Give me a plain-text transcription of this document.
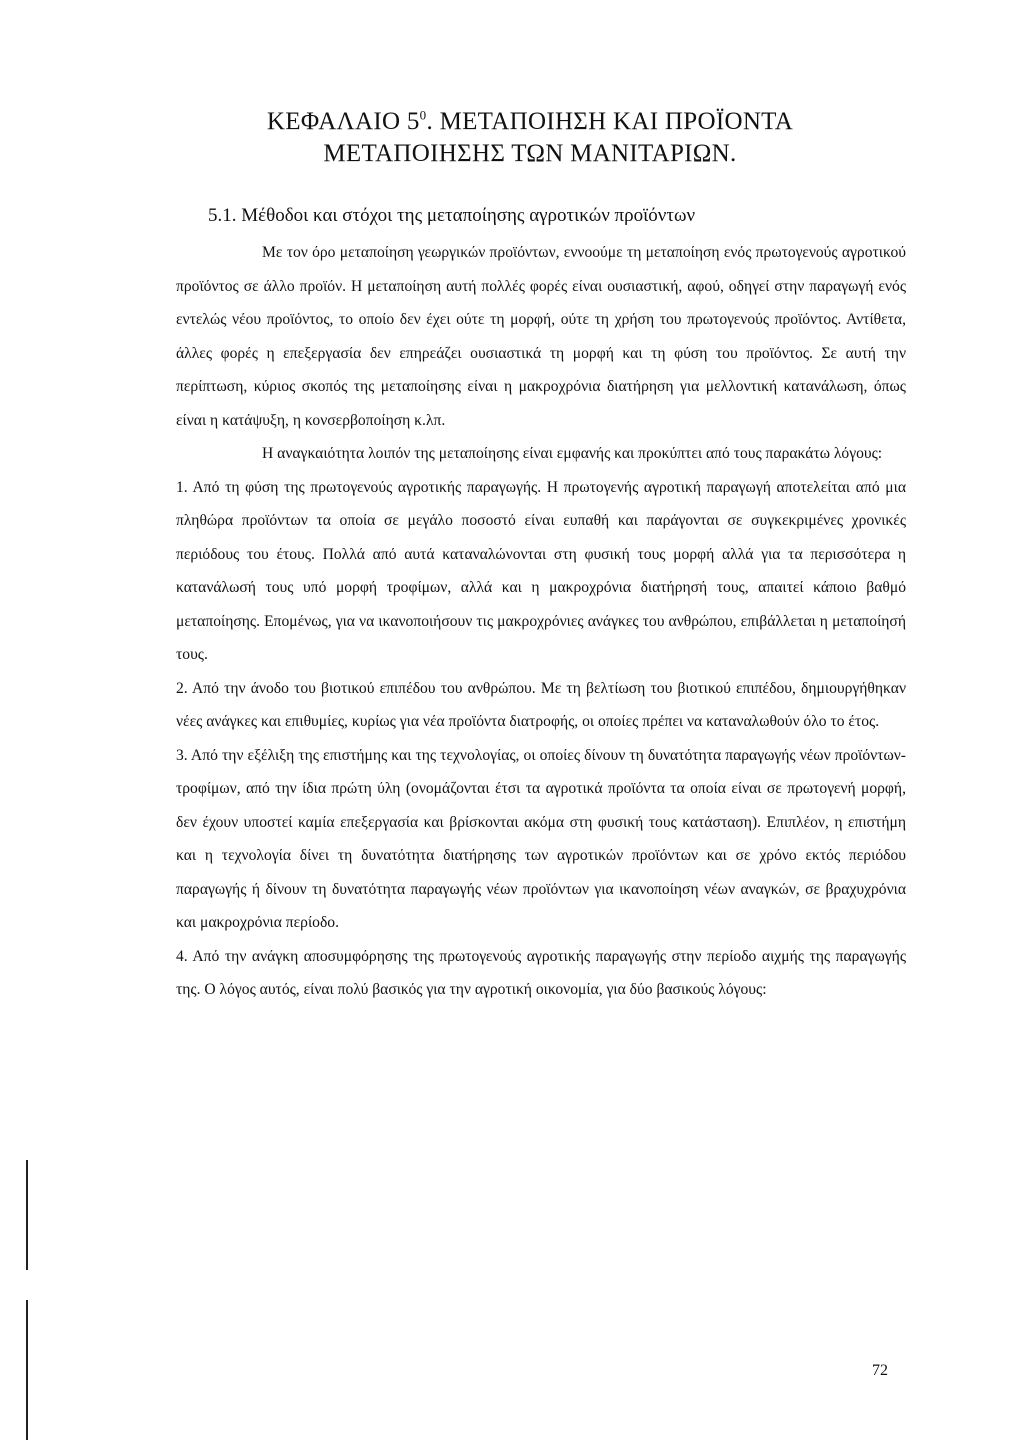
ΚΕΦΑΛΑΙΟ $5^0$. ΜΕΤΑΠΟΙΗΣΗ ΚΑΙ ΠΡΟΪΟΝΤΑ
ΜΕΤΑΠΟΙΗΣΗΣ ΤΩΝ ΜΑΝΙΤΑΡΙΩΝ.
5.1. Μέθοδοι και στόχοι της μεταποίησης αγροτικών προϊόντων

Με τον όρο μεταποίηση γεωργικών προϊόντων, εννοούμε τη μεταποίηση ενός πρωτογενούς αγροτικού προϊόντος σε άλλο προϊόν. Η μεταποίηση αυτή πολλές φορές είναι ουσιαστική, αφού, οδηγεί στην παραγωγή ενός εντελώς νέου προϊόντος, το οποίο δεν έχει ούτε τη μορφή, ούτε τη χρήση του πρωτογενούς προϊόντος. Αντίθετα, άλλες φορές η επεξεργασία δεν επηρεάζει ουσιαστικά τη μορφή και τη φύση του προϊόντος. Σε αυτή την περίπτωση, κύριος σκοπός της μεταποίησης είναι η μακροχρόνια διατήρηση για μελλοντική κατανάλωση, όπως είναι η κατάψυξη, η κονσερβοποίηση κ.λπ.

Η αναγκαιότητα λοιπόν της μεταποίησης είναι εμφανής και προκύπτει από τους παρακάτω λόγους:

1. Από τη φύση της πρωτογενούς αγροτικής παραγωγής. Η πρωτογενής αγροτική παραγωγή αποτελείται από μια πληθώρα προϊόντων τα οποία σε μεγάλο ποσοστό είναι ευπαθή και παράγονται σε συγκεκριμένες χρονικές περιόδους του έτους. Πολλά από αυτά καταναλώνονται στη φυσική τους μορφή αλλά για τα περισσότερα η κατανάλωσή τους υπό μορφή τροφίμων, αλλά και η μακροχρόνια διατήρησή τους, απαιτεί κάποιο βαθμό μεταποίησης. Επομένως, για να ικανοποιήσουν τις μακροχρόνιες ανάγκες του ανθρώπου, επιβάλλεται η μεταποίησή τους.

2. Από την άνοδο του βιοτικού επιπέδου του ανθρώπου. Με τη βελτίωση του βιοτικού επιπέδου, δημιουργήθηκαν νέες ανάγκες και επιθυμίες, κυρίως για νέα προϊόντα διατροφής, οι οποίες πρέπει να καταναλωθούν όλο το έτος.

3. Από την εξέλιξη της επιστήμης και της τεχνολογίας, οι οποίες δίνουν τη δυνατότητα παραγωγής νέων προϊόντων-τροφίμων, από την ίδια πρώτη ύλη (ονομάζονται έτσι τα αγροτικά προϊόντα τα οποία είναι σε πρωτογενή μορφή, δεν έχουν υποστεί καμία επεξεργασία και βρίσκονται ακόμα στη φυσική τους κατάσταση). Επιπλέον, η επιστήμη και η τεχνολογία δίνει τη δυνατότητα διατήρησης των αγροτικών προϊόντων και σε χρόνο εκτός περιόδου παραγωγής ή δίνουν τη δυνατότητα παραγωγής νέων προϊόντων για ικανοποίηση νέων αναγκών, σε βραχυχρόνια και μακροχρόνια περίοδο.

4. Από την ανάγκη αποσυμφόρησης της πρωτογενούς αγροτικής παραγωγής στην περίοδο αιχμής της παραγωγής της. Ο λόγος αυτός, είναι πολύ βασικός για την αγροτική οικονομία, για δύο βασικούς λόγους:

72
